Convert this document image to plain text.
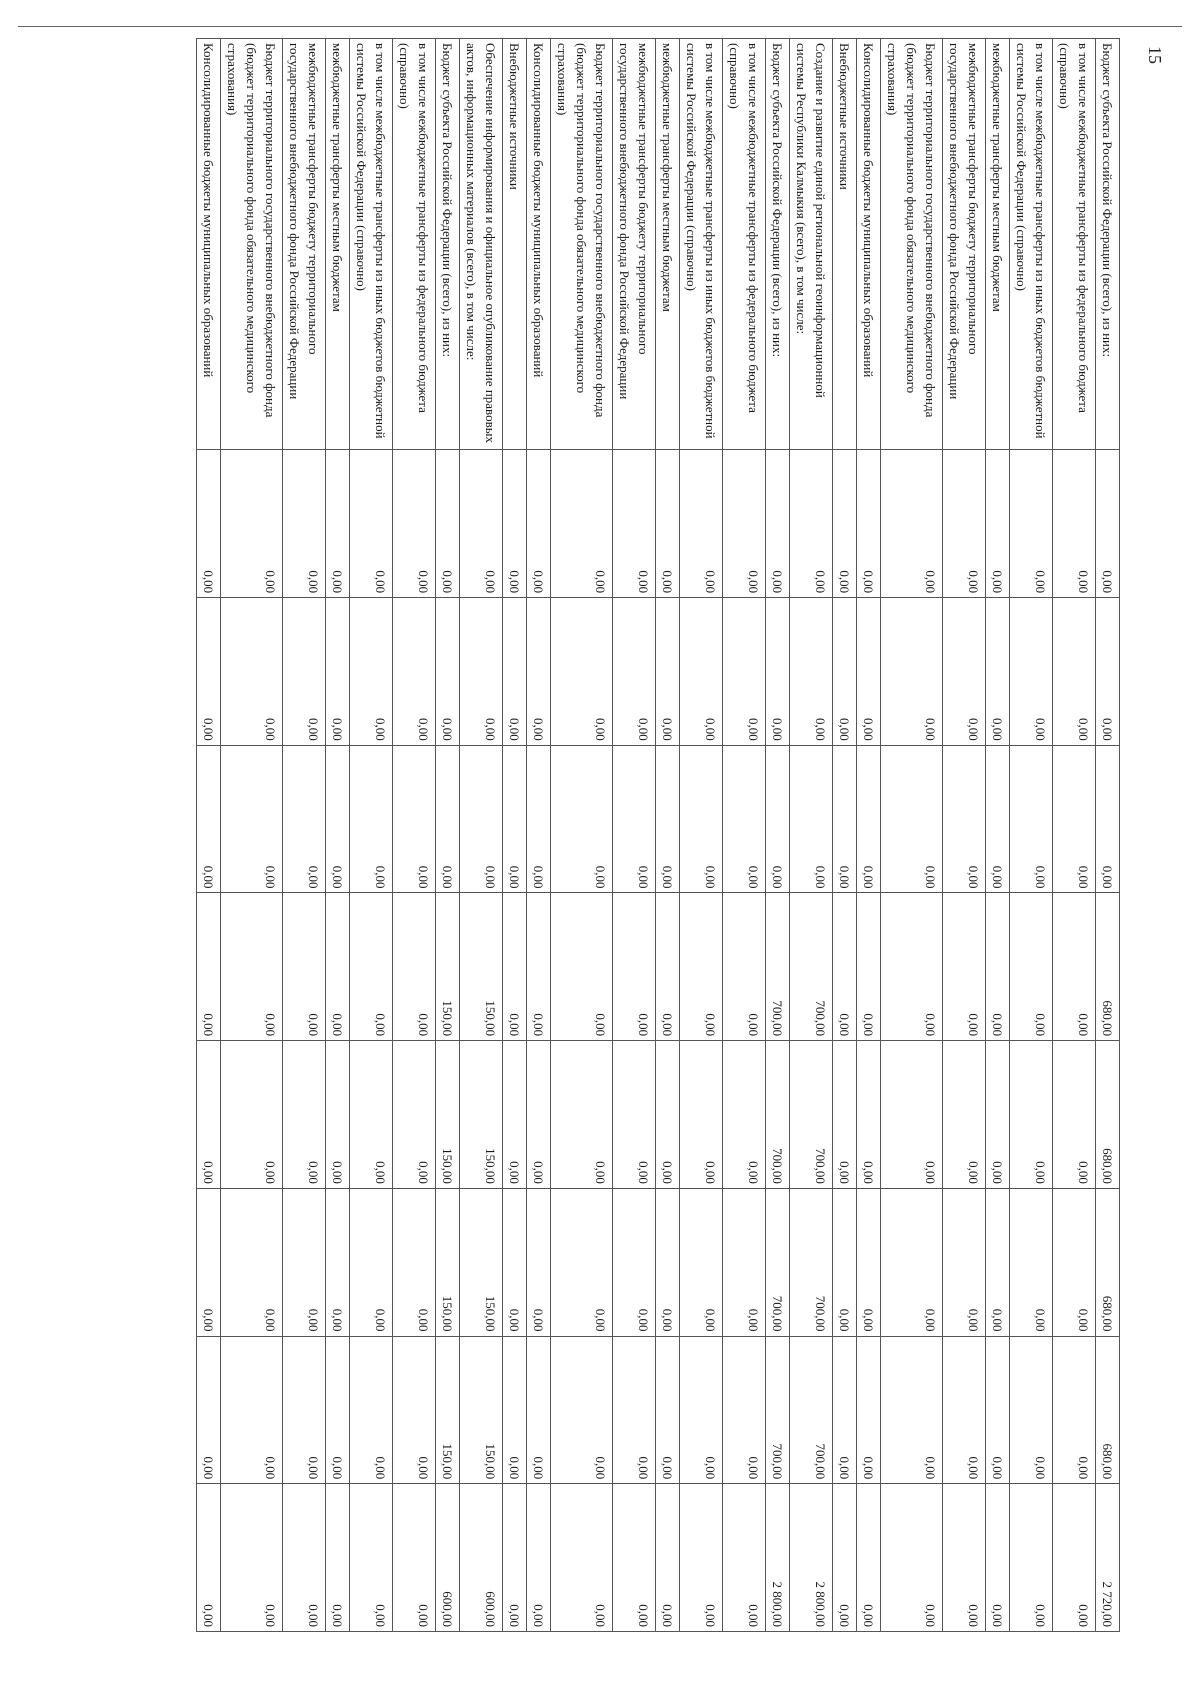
15
Бюджет субъекта Российской Федерации (всего), из них:	0,00	0,00	0,00	680,00	680,00	680,00	680,00	2 720,00
в том числе межбюджетные трансферты из федерального бюджета (справочно)	0,00	0,00	0,00	0,00	0,00	0,00	0,00	0,00
в том числе межбюджетные трансферты из иных бюджетов бюджетной системы Российской Федерации (справочно)	0,00	0,00	0,00	0,00	0,00	0,00	0,00	0,00
межбюджетные трансферты местным бюджетам	0,00	0,00	0,00	0,00	0,00	0,00	0,00	0,00
межбюджетные трансферты бюджету территориального государственного внебюджетного фонда Российской Федерации	0,00	0,00	0,00	0,00	0,00	0,00	0,00	0,00
Бюджет территориального государственного внебюджетного фонда (бюджет территориального фонда обязательного медицинского страхования)	0,00	0,00	0,00	0,00	0,00	0,00	0,00	0,00
Консолидированные бюджеты муниципальных образований	0,00	0,00	0,00	0,00	0,00	0,00	0,00	0,00
Внебюджетные источники	0,00	0,00	0,00	0,00	0,00	0,00	0,00	0,00
Создание и развитие единой региональной геоинформационной системы Республики Калмыкия (всего), в том числе:	0,00	0,00	0,00	700,00	700,00	700,00	700,00	2 800,00
Бюджет субъекта Российской Федерации (всего), из них:	0,00	0,00	0,00	700,00	700,00	700,00	700,00	2 800,00
в том числе межбюджетные трансферты из федерального бюджета (справочно)	0,00	0,00	0,00	0,00	0,00	0,00	0,00	0,00
в том числе межбюджетные трансферты из иных бюджетов бюджетной системы Российской Федерации (справочно)	0,00	0,00	0,00	0,00	0,00	0,00	0,00	0,00
межбюджетные трансферты местным бюджетам	0,00	0,00	0,00	0,00	0,00	0,00	0,00	0,00
межбюджетные трансферты бюджету территориального государственного внебюджетного фонда Российской Федерации	0,00	0,00	0,00	0,00	0,00	0,00	0,00	0,00
Бюджет территориального государственного внебюджетного фонда (бюджет территориального фонда обязательного медицинского страхования)	0,00	0,00	0,00	0,00	0,00	0,00	0,00	0,00
Консолидированные бюджеты муниципальных образований	0,00	0,00	0,00	0,00	0,00	0,00	0,00	0,00
Внебюджетные источники	0,00	0,00	0,00	0,00	0,00	0,00	0,00	0,00
Обеспечение информирования и официальное опубликование правовых актов, информационных материалов (всего), в том числе:	0,00	0,00	0,00	150,00	150,00	150,00	150,00	600,00
Бюджет субъекта Российской Федерации (всего), из них:	0,00	0,00	0,00	150,00	150,00	150,00	150,00	600,00
в том числе межбюджетные трансферты из федерального бюджета (справочно)	0,00	0,00	0,00	0,00	0,00	0,00	0,00	0,00
в том числе межбюджетные трансферты из иных бюджетов бюджетной системы Российской Федерации (справочно)	0,00	0,00	0,00	0,00	0,00	0,00	0,00	0,00
межбюджетные трансферты местным бюджетам	0,00	0,00	0,00	0,00	0,00	0,00	0,00	0,00
межбюджетные трансферты бюджету территориального государственного внебюджетного фонда Российской Федерации	0,00	0,00	0,00	0,00	0,00	0,00	0,00	0,00
Бюджет территориального государственного внебюджетного фонда (бюджет территориального фонда обязательного медицинского страхования)	0,00	0,00	0,00	0,00	0,00	0,00	0,00	0,00
Консолидированные бюджеты муниципальных образований	0,00	0,00	0,00	0,00	0,00	0,00	0,00	0,00
